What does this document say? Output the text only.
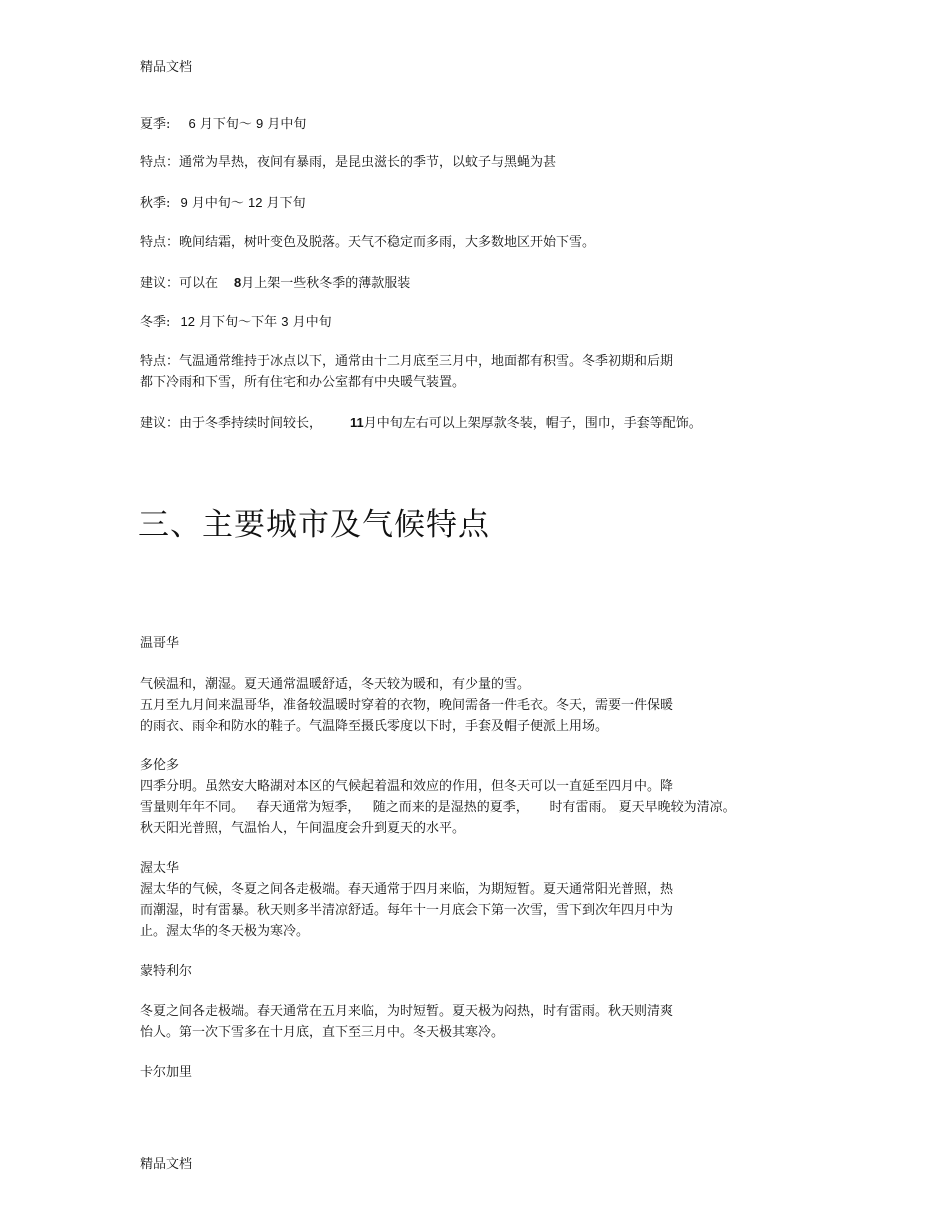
精品文档
夏季: 6 月下旬～ 9 月中旬
特点：通常为旱热，夜间有暴雨，是昆虫滋长的季节，以蚊子与黑蝇为甚
秋季: 9 月中旬～ 12 月下旬
特点：晚间结霜，树叶变色及脱落。天气不稳定而多雨，大多数地区开始下雪。
建议：可以在 8月上架一些秋冬季的薄款服装
冬季: 12 月下旬～下年 3 月中旬
特点：气温通常维持于冰点以下，通常由十二月底至三月中，地面都有积雪。冬季初期和后期
都下冷雨和下雪，所有住宅和办公室都有中央暖气装置。
建议：由于冬季持续时间较长， 11月中旬左右可以上架厚款冬装，帽子，围巾，手套等配饰。
三、主要城市及气候特点
温哥华
气候温和，潮湿。夏天通常温暖舒适，冬天较为暖和，有少量的雪。
五月至九月间来温哥华，准备较温暖时穿着的衣物，晚间需备一件毛衣。冬天，需要一件保暖
的雨衣、雨伞和防水的鞋子。气温降至摄氏零度以下时，手套及帽子便派上用场。
多伦多
四季分明。虽然安大略湖对本区的气候起着温和效应的作用，但冬天可以一直延至四月中。降
雪量则年年不同。   春天通常为短季，   随之而来的是湿热的夏季，     时有雷雨。 夏天早晚较为清凉。
秋天阳光普照，气温怡人，午间温度会升到夏天的水平。
渥太华
渥太华的气候，冬夏之间各走极端。春天通常于四月来临，为期短暂。夏天通常阳光普照，热
而潮湿，时有雷暴。秋天则多半清凉舒适。每年十一月底会下第一次雪，雪下到次年四月中为
止。渥太华的冬天极为寒冷。
蒙特利尔
冬夏之间各走极端。春天通常在五月来临，为时短暂。夏天极为闷热，时有雷雨。秋天则清爽
怡人。第一次下雪多在十月底，直下至三月中。冬天极其寒冷。
卡尔加里
精品文档
